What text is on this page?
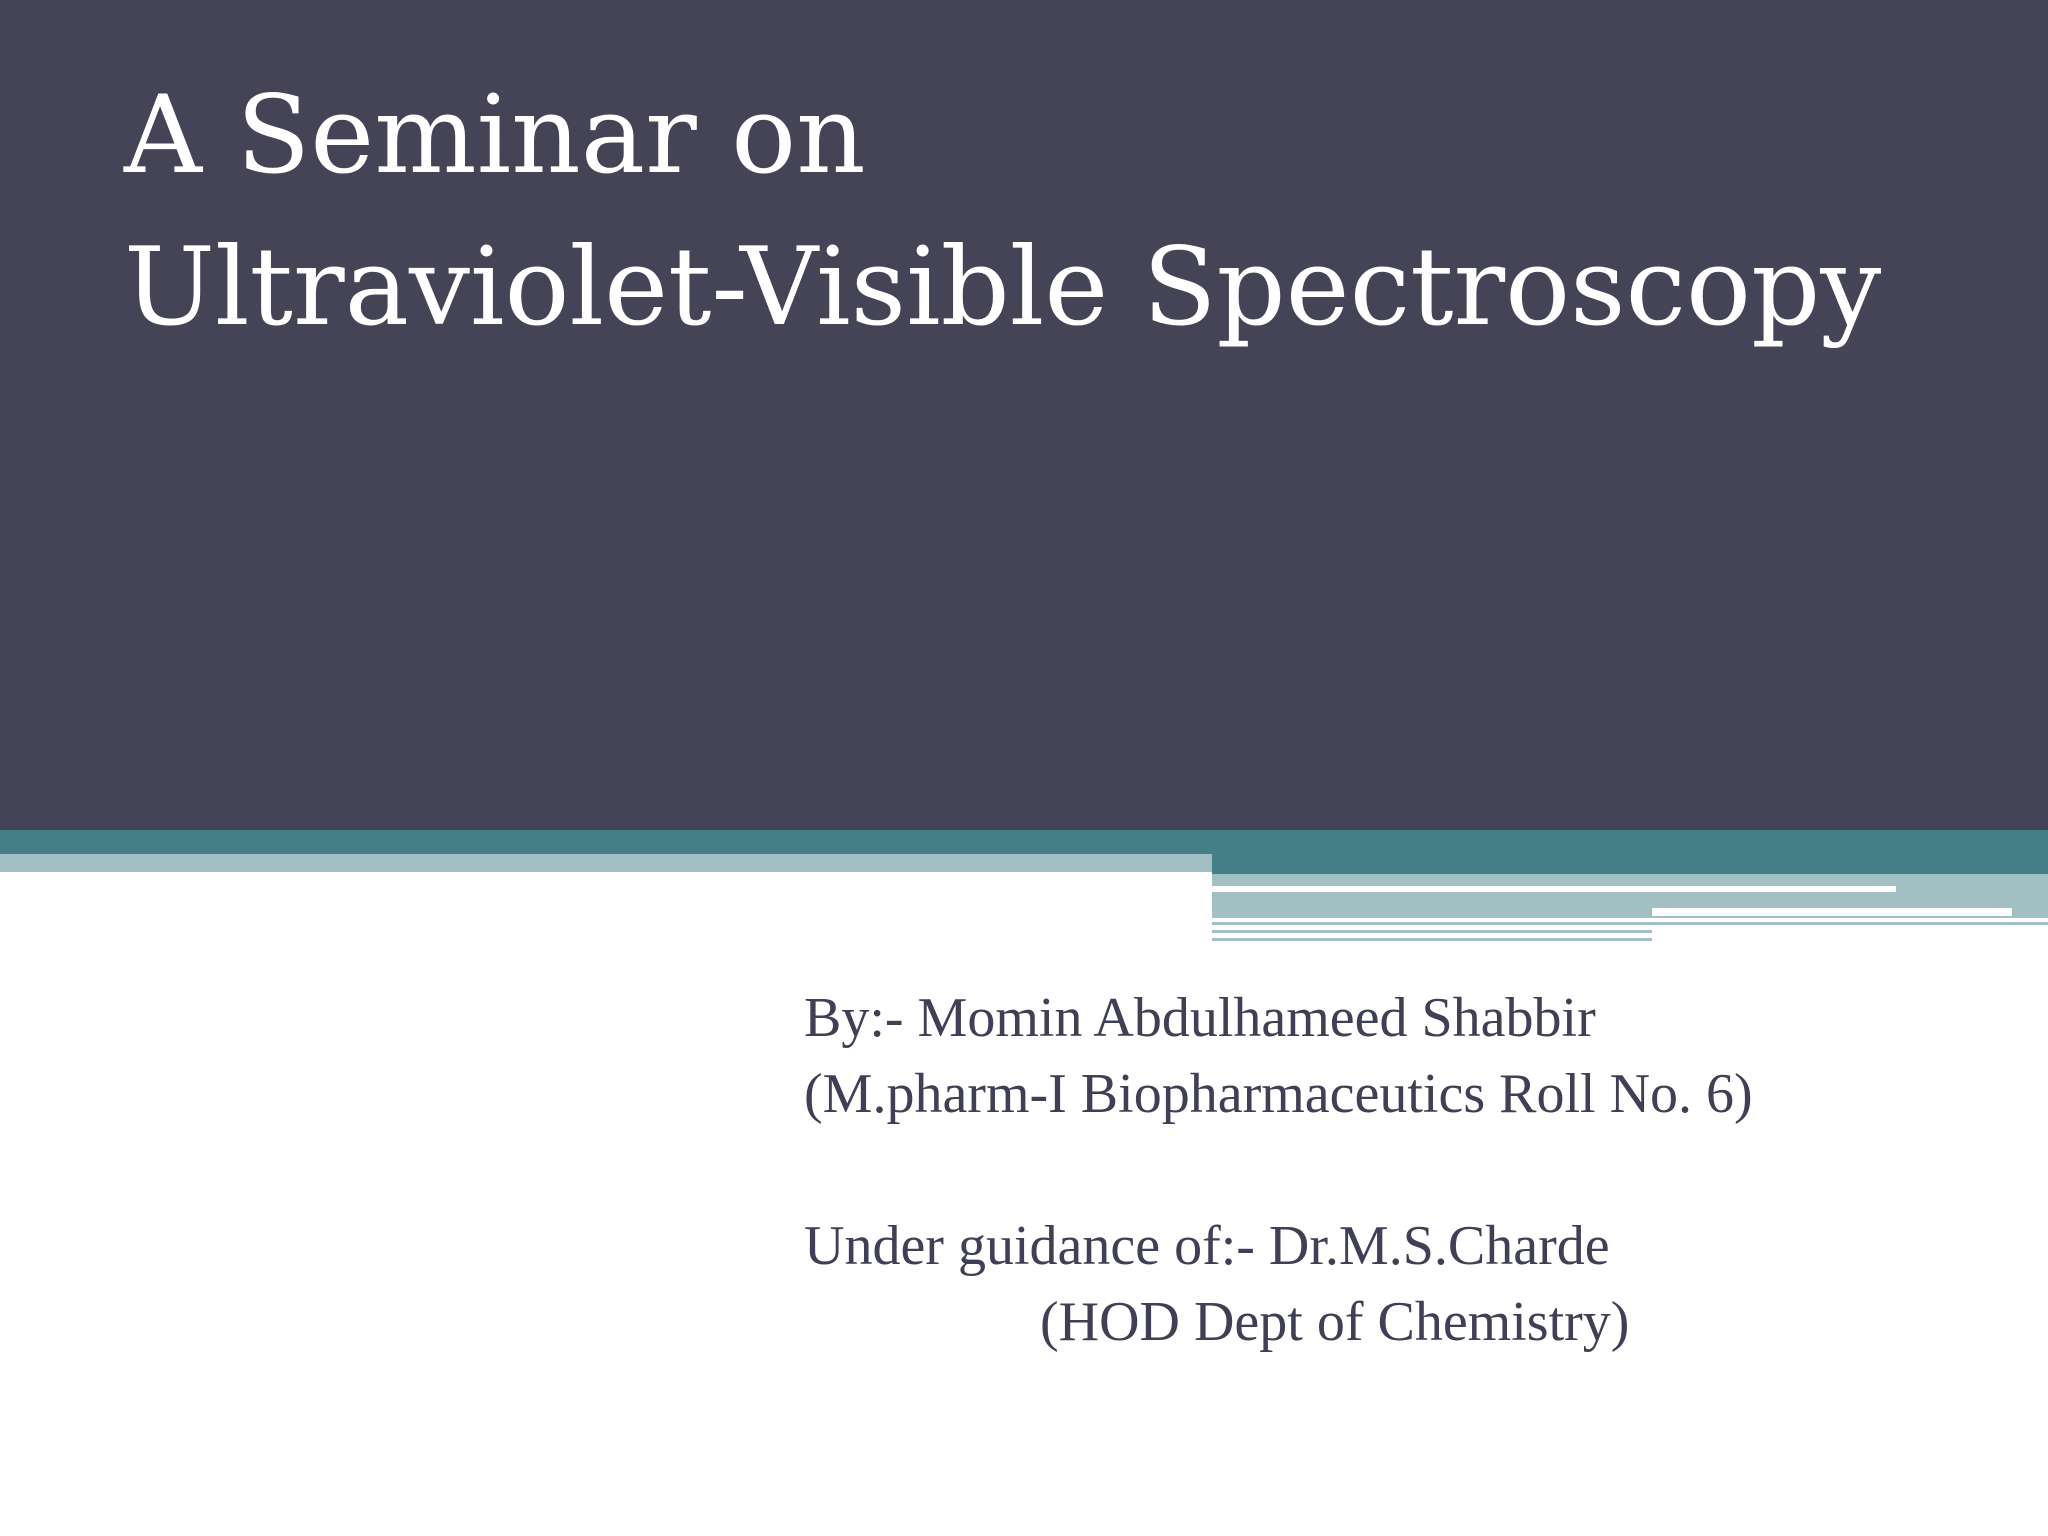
A Seminar on
Ultraviolet-Visible Spectroscopy
By:- Momin Abdulhameed Shabbir
(M.pharm-I Biopharmaceutics Roll No. 6)
Under guidance of:- Dr.M.S.Charde
(HOD Dept of Chemistry)
